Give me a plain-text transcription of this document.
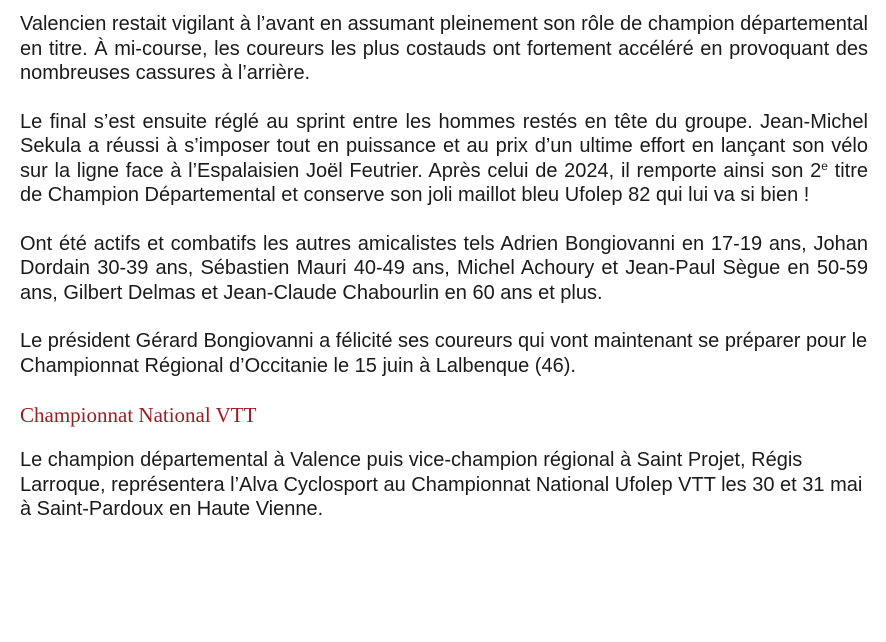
Valencien restait vigilant à l’avant en assumant pleinement son rôle de champion départemental en titre. À mi-course, les coureurs les plus costauds ont fortement accéléré en provoquant des nombreuses cassures à l’arrière.

Le final s’est ensuite réglé au sprint entre les hommes restés en tête du groupe. Jean-Michel Sekula a réussi à s’imposer tout en puissance et au prix d’un ultime effort en lançant son vélo sur la ligne face à l’Espalaisien Joël Feutrier. Après celui de 2024, il remporte ainsi son 2e titre de Champion Départemental et conserve son joli maillot bleu Ufolep 82 qui lui va si bien !

Ont été actifs et combatifs les autres amicalistes tels Adrien Bongiovanni en 17-19 ans, Johan Dordain 30-39 ans, Sébastien Mauri 40-49 ans, Michel Achoury et Jean-Paul Sègue en 50-59 ans, Gilbert Delmas et Jean-Claude Chabourlin en 60 ans et plus.

Le président Gérard Bongiovanni a félicité ses coureurs qui vont maintenant se préparer pour le Championnat Régional d’Occitanie le 15 juin à Lalbenque (46).

Championnat National VTT

Le champion départemental à Valence puis vice-champion régional à Saint Projet, Régis Larroque, représentera l’Alva Cyclosport au Championnat National Ufolep VTT les 30 et 31 mai à Saint-Pardoux en Haute Vienne.
